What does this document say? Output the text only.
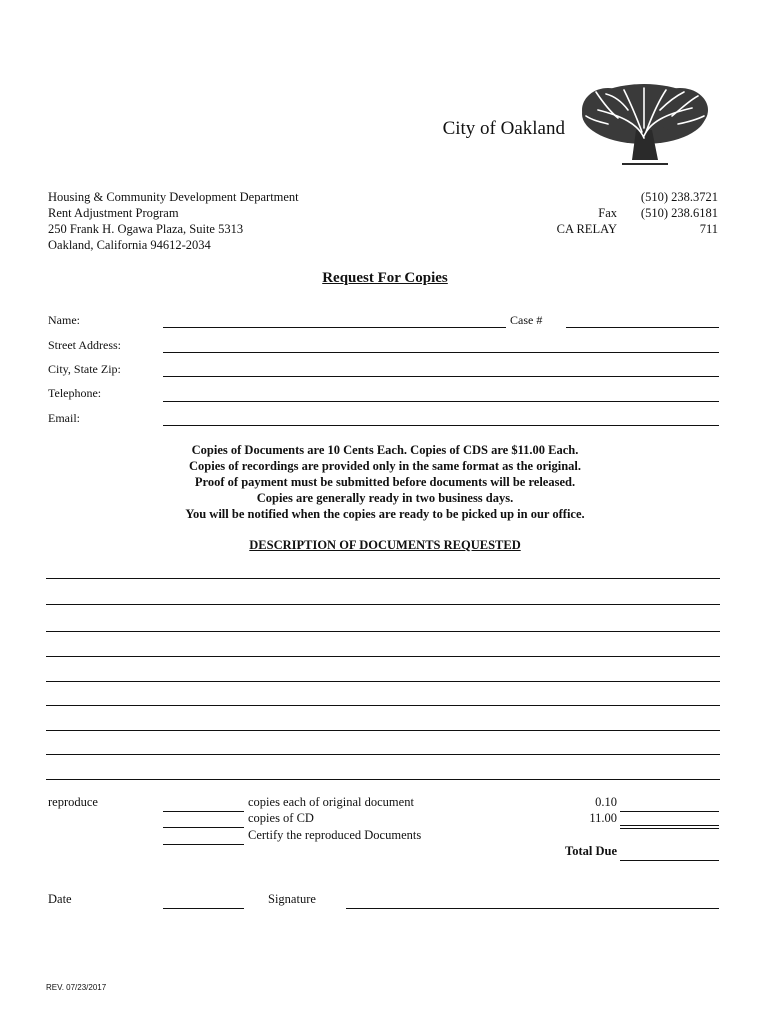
City of Oakland
Housing & Community Development Department
Rent Adjustment Program
250 Frank H. Ogawa Plaza, Suite 5313
Oakland, California 94612-2034
(510) 238.3721
Fax	(510) 238.6181
CA RELAY	711
Request For Copies
Name:	Case #
Street Address:
City, State Zip:
Telephone:
Email:
Copies of Documents are 10 Cents Each. Copies of CDS are $11.00 Each.
Copies of recordings are provided only in the same format as the original.
Proof of payment must be submitted before documents will be released.
Copies are generally ready in two business days.
You will be notified when the copies are ready to be picked up in our office.
DESCRIPTION OF DOCUMENTS REQUESTED
reproduce	copies each of original document	0.10
copies of CD	11.00
Certify the reproduced Documents
Total Due
Date	Signature
REV. 07/23/2017
